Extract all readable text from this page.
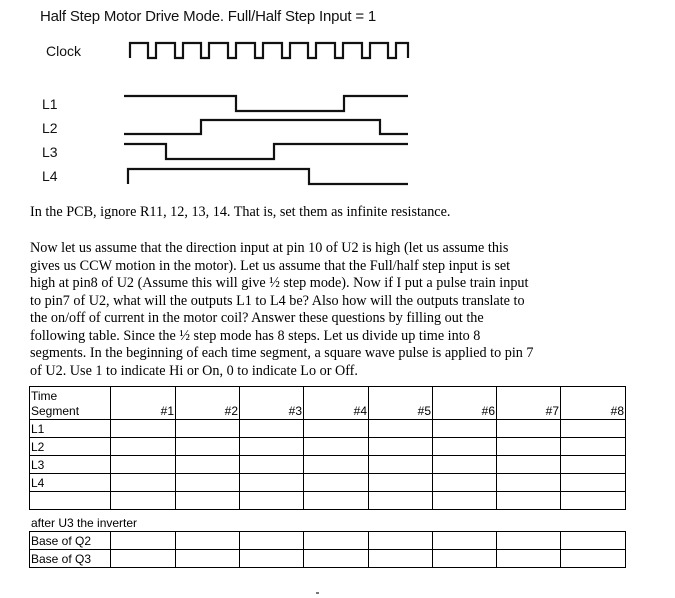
Half Step Motor Drive Mode. Full/Half Step Input = 1
Clock
L1
L2
L3
L4

In the PCB, ignore R11, 12, 13, 14. That is, set them as infinite resistance.

Now let us assume that the direction input at pin 10 of U2 is high (let us assume this

gives us CCW motion in the motor). Let us assume that the Full/half step input is set

high at pin8 of U2 (Assume this will give ½ step mode). Now if I put a pulse train input

to pin7 of U2, what will the outputs L1 to L4 be? Also how will the outputs translate to

the on/off of current in the motor coil? Answer these questions by filling out the

following table. Since the ½ step mode has 8 steps. Let us divide up time into 8

segments. In the beginning of each time segment, a square wave pulse is applied to pin 7

of U2. Use 1 to indicate Hi or On, 0 to indicate Lo or Off.

Time
Segment	#1	#2	#3	#4	#5	#6	#7	#8
L1								
L2								
L3								
L4								

after U3 the inverter
Base of Q2								
Base of Q3								
